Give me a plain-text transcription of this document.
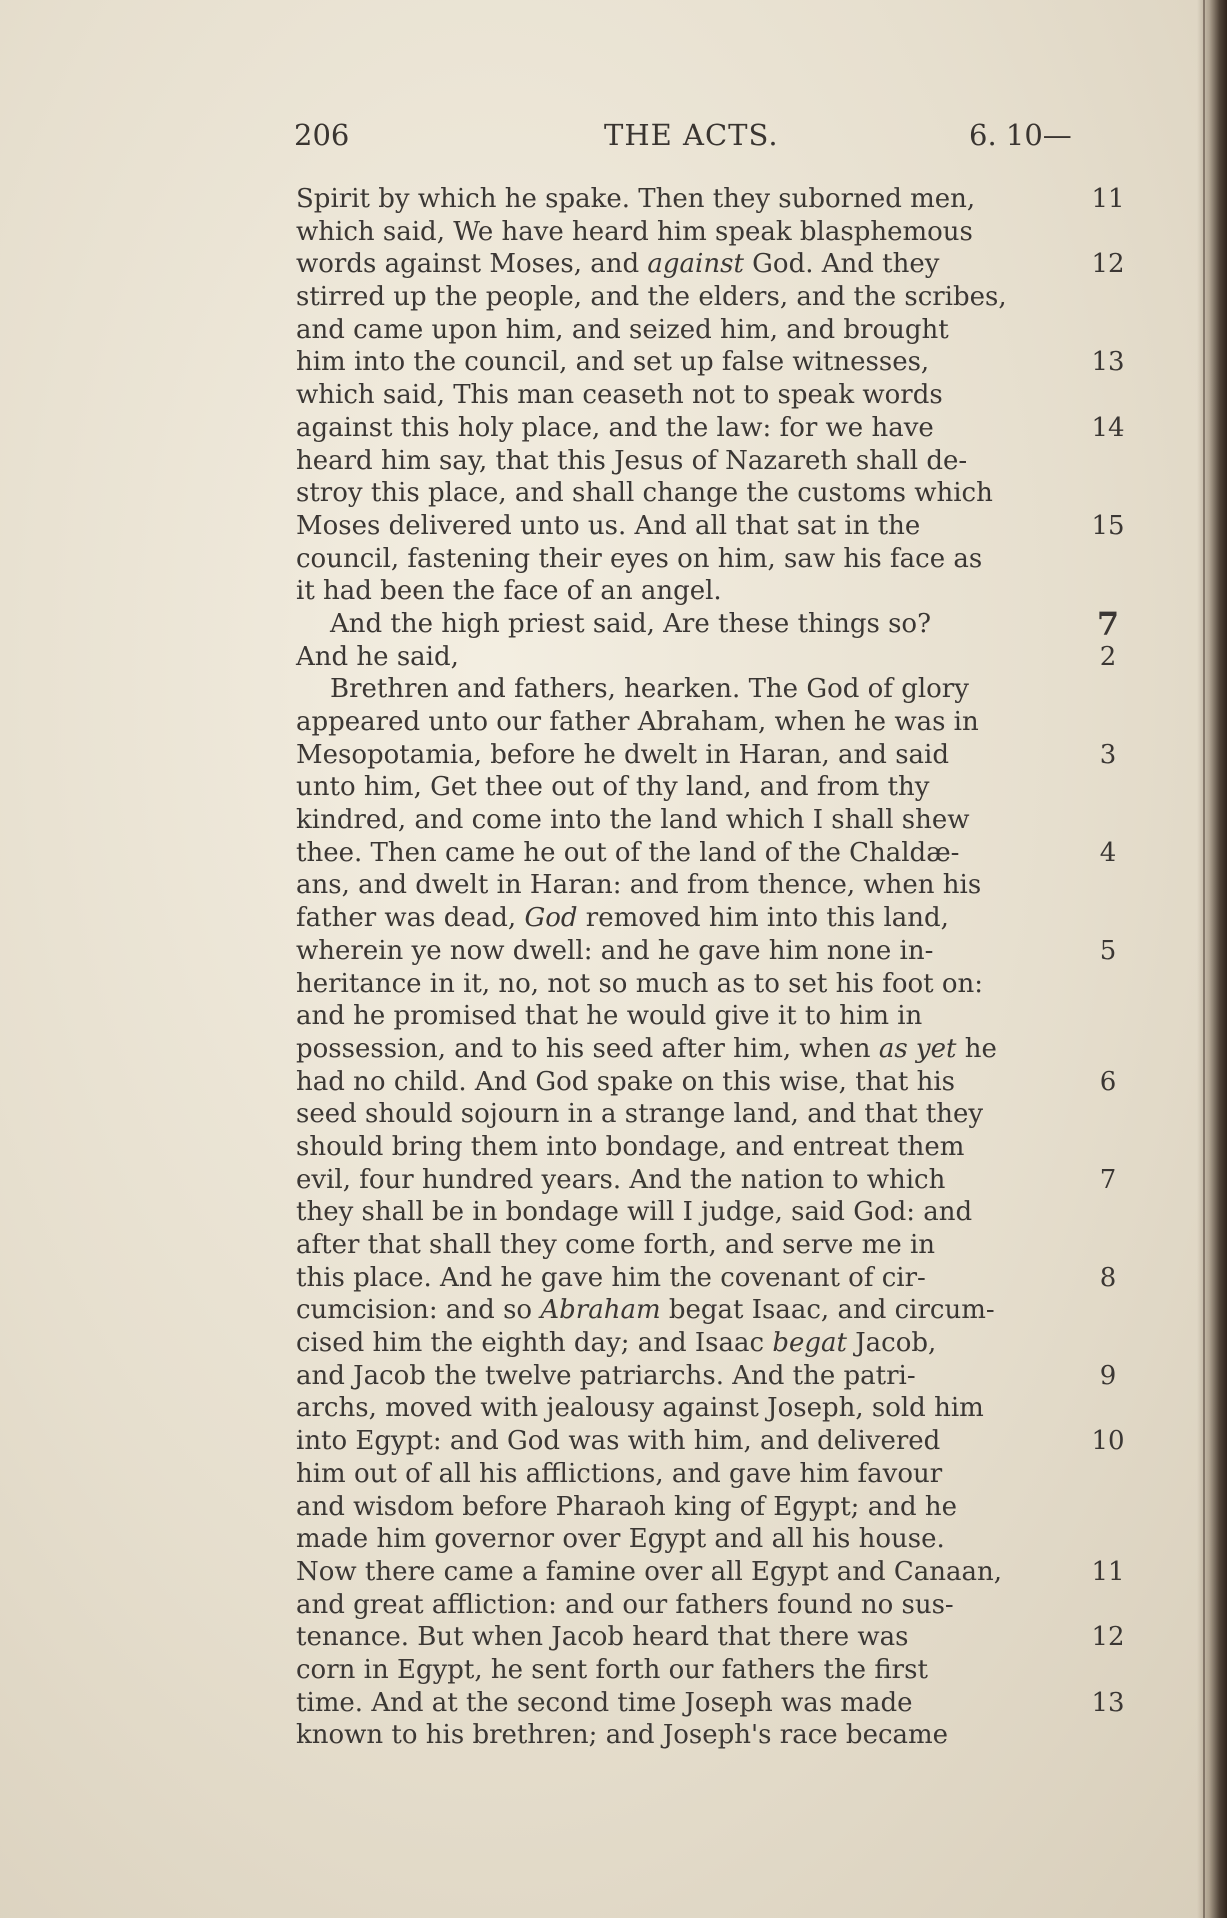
206	THE ACTS.	6. 10—
Spirit by which he spake. Then they suborned men,	11
which said, We have heard him speak blasphemous
words against Moses, and against God. And they	12
stirred up the people, and the elders, and the scribes,
and came upon him, and seized him, and brought
him into the council, and set up false witnesses,	13
which said, This man ceaseth not to speak words
against this holy place, and the law: for we have	14
heard him say, that this Jesus of Nazareth shall de-
stroy this place, and shall change the customs which
Moses delivered unto us. And all that sat in the	15
council, fastening their eyes on him, saw his face as
it had been the face of an angel.
And the high priest said, Are these things so?	7
And he said,	2
Brethren and fathers, hearken. The God of glory
appeared unto our father Abraham, when he was in
Mesopotamia, before he dwelt in Haran, and said	3
unto him, Get thee out of thy land, and from thy
kindred, and come into the land which I shall shew
thee. Then came he out of the land of the Chaldæ-	4
ans, and dwelt in Haran: and from thence, when his
father was dead, God removed him into this land,
wherein ye now dwell: and he gave him none in-	5
heritance in it, no, not so much as to set his foot on:
and he promised that he would give it to him in
possession, and to his seed after him, when as yet he
had no child. And God spake on this wise, that his	6
seed should sojourn in a strange land, and that they
should bring them into bondage, and entreat them
evil, four hundred years. And the nation to which	7
they shall be in bondage will I judge, said God: and
after that shall they come forth, and serve me in
this place. And he gave him the covenant of cir-	8
cumcision: and so Abraham begat Isaac, and circum-
cised him the eighth day; and Isaac begat Jacob,
and Jacob the twelve patriarchs. And the patri-	9
archs, moved with jealousy against Joseph, sold him
into Egypt: and God was with him, and delivered	10
him out of all his afflictions, and gave him favour
and wisdom before Pharaoh king of Egypt; and he
made him governor over Egypt and all his house.
Now there came a famine over all Egypt and Canaan,	11
and great affliction: and our fathers found no sus-
tenance. But when Jacob heard that there was	12
corn in Egypt, he sent forth our fathers the first
time. And at the second time Joseph was made	13
known to his brethren; and Joseph's race became
